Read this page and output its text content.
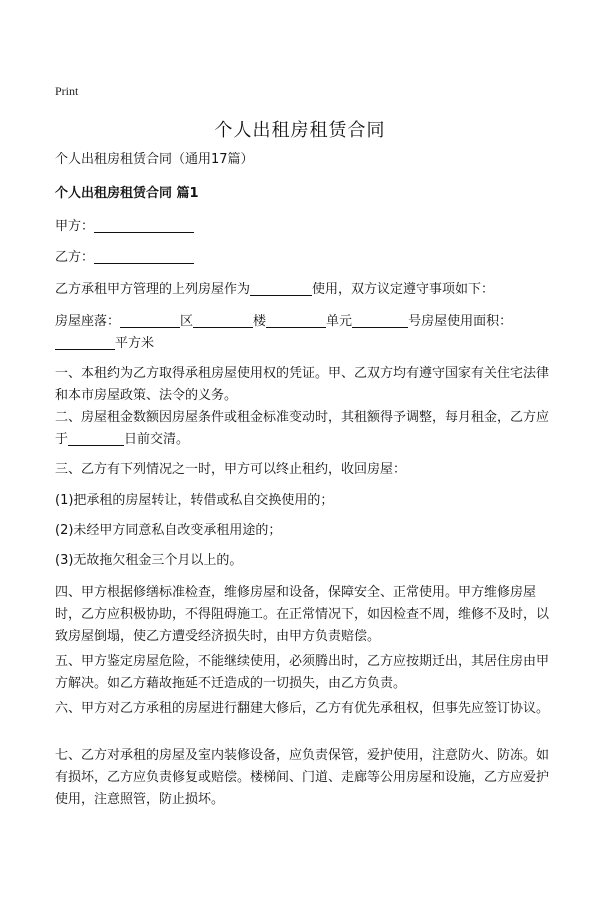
Print
个人出租房租赁合同
个人出租房租赁合同（通用17篇）
个人出租房租赁合同 篇1
甲方：
乙方：
乙方承租甲方管理的上列房屋作为	使用，双方议定遵守事项如下：
房屋座落：	区	楼	单元	号房屋使用面积：平方米
一、本租约为乙方取得承租房屋使用权的凭证。甲、乙双方均有遵守国家有关住宅法律和本市房屋政策、法令的义务。
二、房屋租金数额因房屋条件或租金标准变动时，其租额得予调整，每月租金，乙方应于	日前交清。
三、乙方有下列情况之一时，甲方可以终止租约，收回房屋：
(1)把承租的房屋转让，转借或私自交换使用的；
(2)未经甲方同意私自改变承租用途的；
(3)无故拖欠租金三个月以上的。
四、甲方根据修缮标准检查，维修房屋和设备，保障安全、正常使用。甲方维修房屋时，乙方应积极协助，不得阻碍施工。在正常情况下，如因检查不周，维修不及时，以致房屋倒塌，使乙方遭受经济损失时，由甲方负责赔偿。
五、甲方鉴定房屋危险，不能继续使用，必须腾出时，乙方应按期迁出，其居住房由甲方解决。如乙方藉故拖延不迁造成的一切损失，由乙方负责。
六、甲方对乙方承租的房屋进行翻建大修后，乙方有优先承租权，但事先应签订协议。
七、乙方对承租的房屋及室内装修设备，应负责保管，爱护使用，注意防火、防冻。如有损坏，乙方应负责修复或赔偿。楼梯间、门道、走廊等公用房屋和设施，乙方应爱护使用，注意照管，防止损坏。
